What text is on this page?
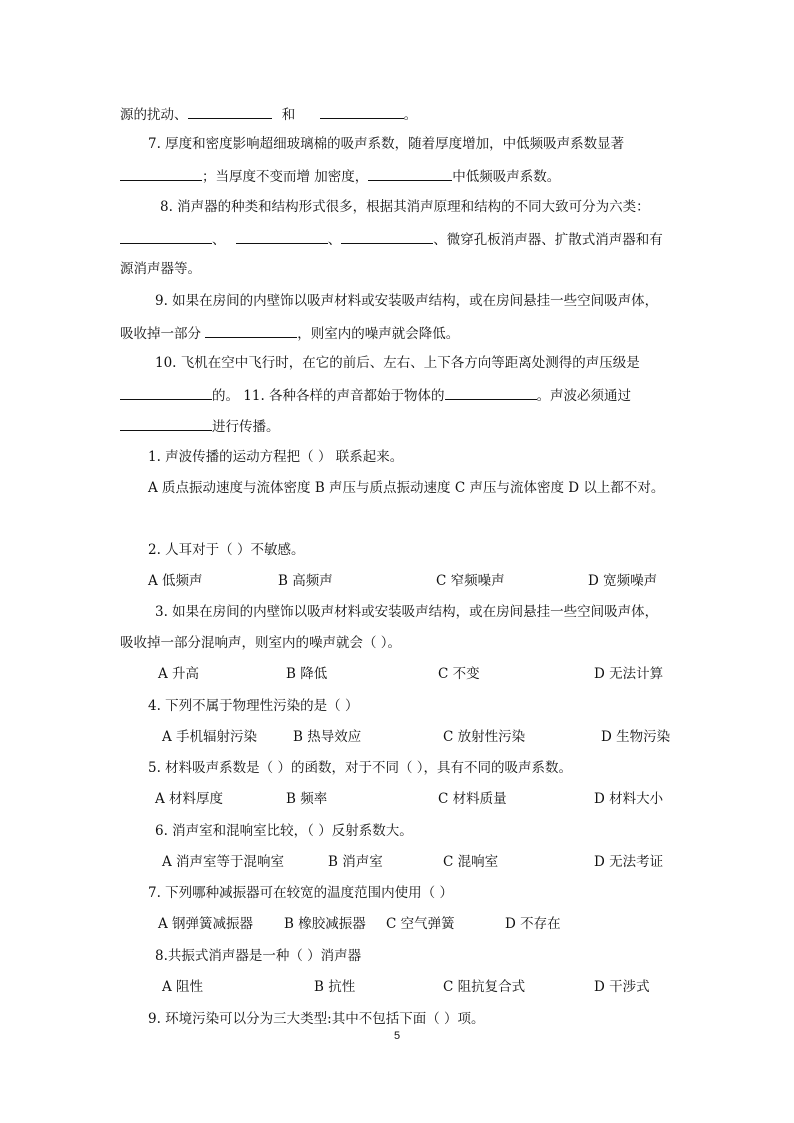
源的扰动、	和	。
7. 厚度和密度影响超细玻璃棉的吸声系数，随着厚度增加，中低频吸声系数显著
；当厚度不变而增 加密度，	中低频吸声系数。
8. 消声器的种类和结构形式很多，根据其消声原理和结构的不同大致可分为六类：
、	、	、微穿孔板消声器、扩散式消声器和有
源消声器等。
9. 如果在房间的内壁饰以吸声材料或安装吸声结构，或在房间悬挂一些空间吸声体，
吸收掉一部分	，则室内的噪声就会降低。
10. 飞机在空中飞行时，在它的前后、左右、上下各方向等距离处测得的声压级是
的。 11. 各种各样的声音都始于物体的	。声波必须通过
进行传播。
1. 声波传播的运动方程把（ ） 联系起来。
A 质点振动速度与流体密度 B 声压与质点振动速度 C 声压与流体密度 D 以上都不对。
2. 人耳对于（ ）不敏感。
A 低频声	B 高频声	C 窄频噪声	D 宽频噪声
3. 如果在房间的内壁饰以吸声材料或安装吸声结构，或在房间悬挂一些空间吸声体，
吸收掉一部分混响声，则室内的噪声就会（ ）。
A 升高	B 降低	C 不变	D 无法计算
4. 下列不属于物理性污染的是（ ）
A 手机辐射污染	B 热导效应	C 放射性污染	D 生物污染
5. 材料吸声系数是（ ）的函数，对于不同（ ），具有不同的吸声系数。
A 材料厚度	B 频率	C 材料质量	D 材料大小
6. 消声室和混响室比较，（ ）反射系数大。
A 消声室等于混响室	B 消声室	C 混响室	D 无法考证
7. 下列哪种减振器可在较宽的温度范围内使用（ ）
A 钢弹簧减振器 B 橡胶减振器 C 空气弹簧	D 不存在
8.共振式消声器是一种（ ）消声器
A 阻性	B 抗性	C 阻抗复合式	D 干涉式
9. 环境污染可以分为三大类型:其中不包括下面（ ）项。
5
